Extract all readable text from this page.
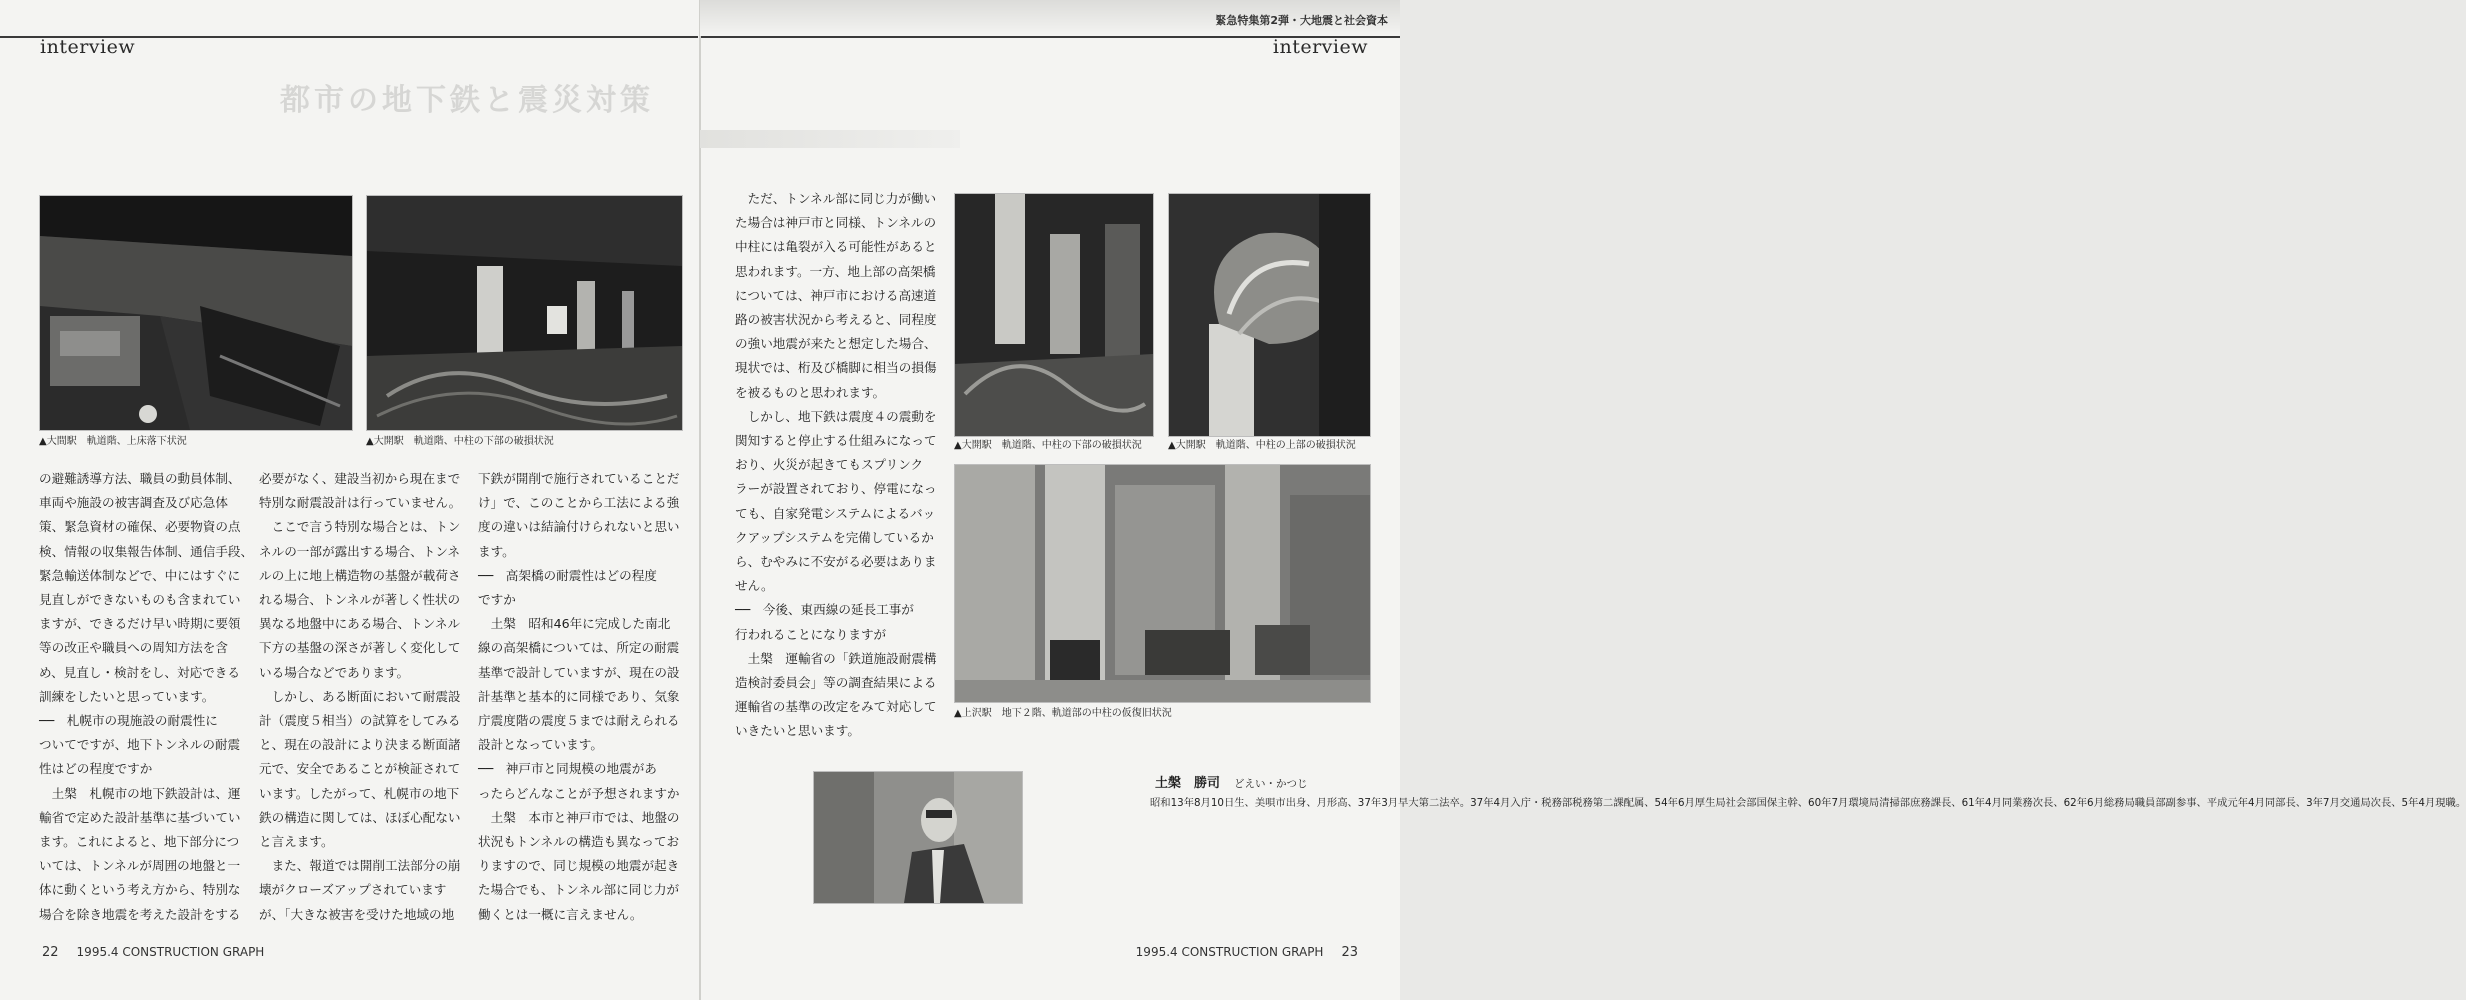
緊急特集第2弾・大地震と社会資本
interview	interview
都市の地下鉄と震災対策
▲大間駅　軌道階、上床落下状況	▲大開駅　軌道階、中柱の下部の破損状況	▲大開駅　軌道階、中柱の下部の破損状況	▲大開駅　軌道階、中柱の上部の破損状況
▲上沢駅　地下２階、軌道部の中柱の仮復旧状況
の避難誘導方法、職員の動員体制、
車両や施設の被害調査及び応急体
策、緊急資材の確保、必要物資の点
検、情報の収集報告体制、通信手段、
緊急輸送体制などで、中にはすぐに
見直しができないものも含まれてい
ますが、できるだけ早い時期に要領
等の改正や職員への周知方法を含
め、見直し・検討をし、対応できる
訓練をしたいと思っています。
──　札幌市の現施設の耐震性に
ついてですが、地下トンネルの耐震
性はどの程度ですか
　土槃　札幌市の地下鉄設計は、運
輸省で定めた設計基準に基づいてい
ます。これによると、地下部分につ
いては、トンネルが周囲の地盤と一
体に動くという考え方から、特別な
場合を除き地震を考えた設計をする
必要がなく、建設当初から現在まで
特別な耐震設計は行っていません。
　ここで言う特別な場合とは、トン
ネルの一部が露出する場合、トンネ
ルの上に地上構造物の基盤が載荷さ
れる場合、トンネルが著しく性状の
異なる地盤中にある場合、トンネル
下方の基盤の深さが著しく変化して
いる場合などであります。
　しかし、ある断面において耐震設
計（震度５相当）の試算をしてみる
と、現在の設計により決まる断面諸
元で、安全であることが検証されて
います。したがって、札幌市の地下
鉄の構造に関しては、ほぼ心配ない
と言えます。
　また、報道では開削工法部分の崩
壊がクローズアップされています
が、「大きな被害を受けた地域の地
下鉄が開削で施行されていることだ
け」で、このことから工法による強
度の違いは結論付けられないと思い
ます。
──　高架橋の耐震性はどの程度
ですか
　土槃　昭和46年に完成した南北
線の高架橋については、所定の耐震
基準で設計していますが、現在の設
計基準と基本的に同様であり、気象
庁震度階の震度５までは耐えられる
設計となっています。
──　神戸市と同規模の地震があ
ったらどんなことが予想されますか
　土槃　本市と神戸市では、地盤の
状況もトンネルの構造も異なってお
りますので、同じ規模の地震が起き
た場合でも、トンネル部に同じ力が
働くとは一概に言えません。
　ただ、トンネル部に同じ力が働い
た場合は神戸市と同様、トンネルの
中柱には亀裂が入る可能性があると
思われます。一方、地上部の高架橋
については、神戸市における高速道
路の被害状況から考えると、同程度
の強い地震が来たと想定した場合、
現状では、桁及び橋脚に相当の損傷
を被るものと思われます。
　しかし、地下鉄は震度４の震動を
関知すると停止する仕組みになって
おり、火災が起きてもスプリンク
ラーが設置されており、停電になっ
ても、自家発電システムによるバッ
クアップシステムを完備しているか
ら、むやみに不安がる必要はありま
せん。
──　今後、東西線の延長工事が
行われることになりますが
　土槃　運輸省の「鉄道施設耐震構
造検討委員会」等の調査結果による
運輸省の基準の改定をみて対応して
いきたいと思います。
土槃　勝司 どえい・かつじ
昭和13年8月10日生、美唄市出身、月形高、37年3月早大第二法卒。37年4月入庁・税務部税務第二課配属、54年6月厚生局社会部国保主幹、60年7月環境局清掃部庶務課長、61年4月同業務次長、62年6月総務局職員部副参事、平成元年4月同部長、3年7月交通局次長、5年4月現職。
22 1995.4 CONSTRUCTION GRAPH	1995.4 CONSTRUCTION GRAPH 23
